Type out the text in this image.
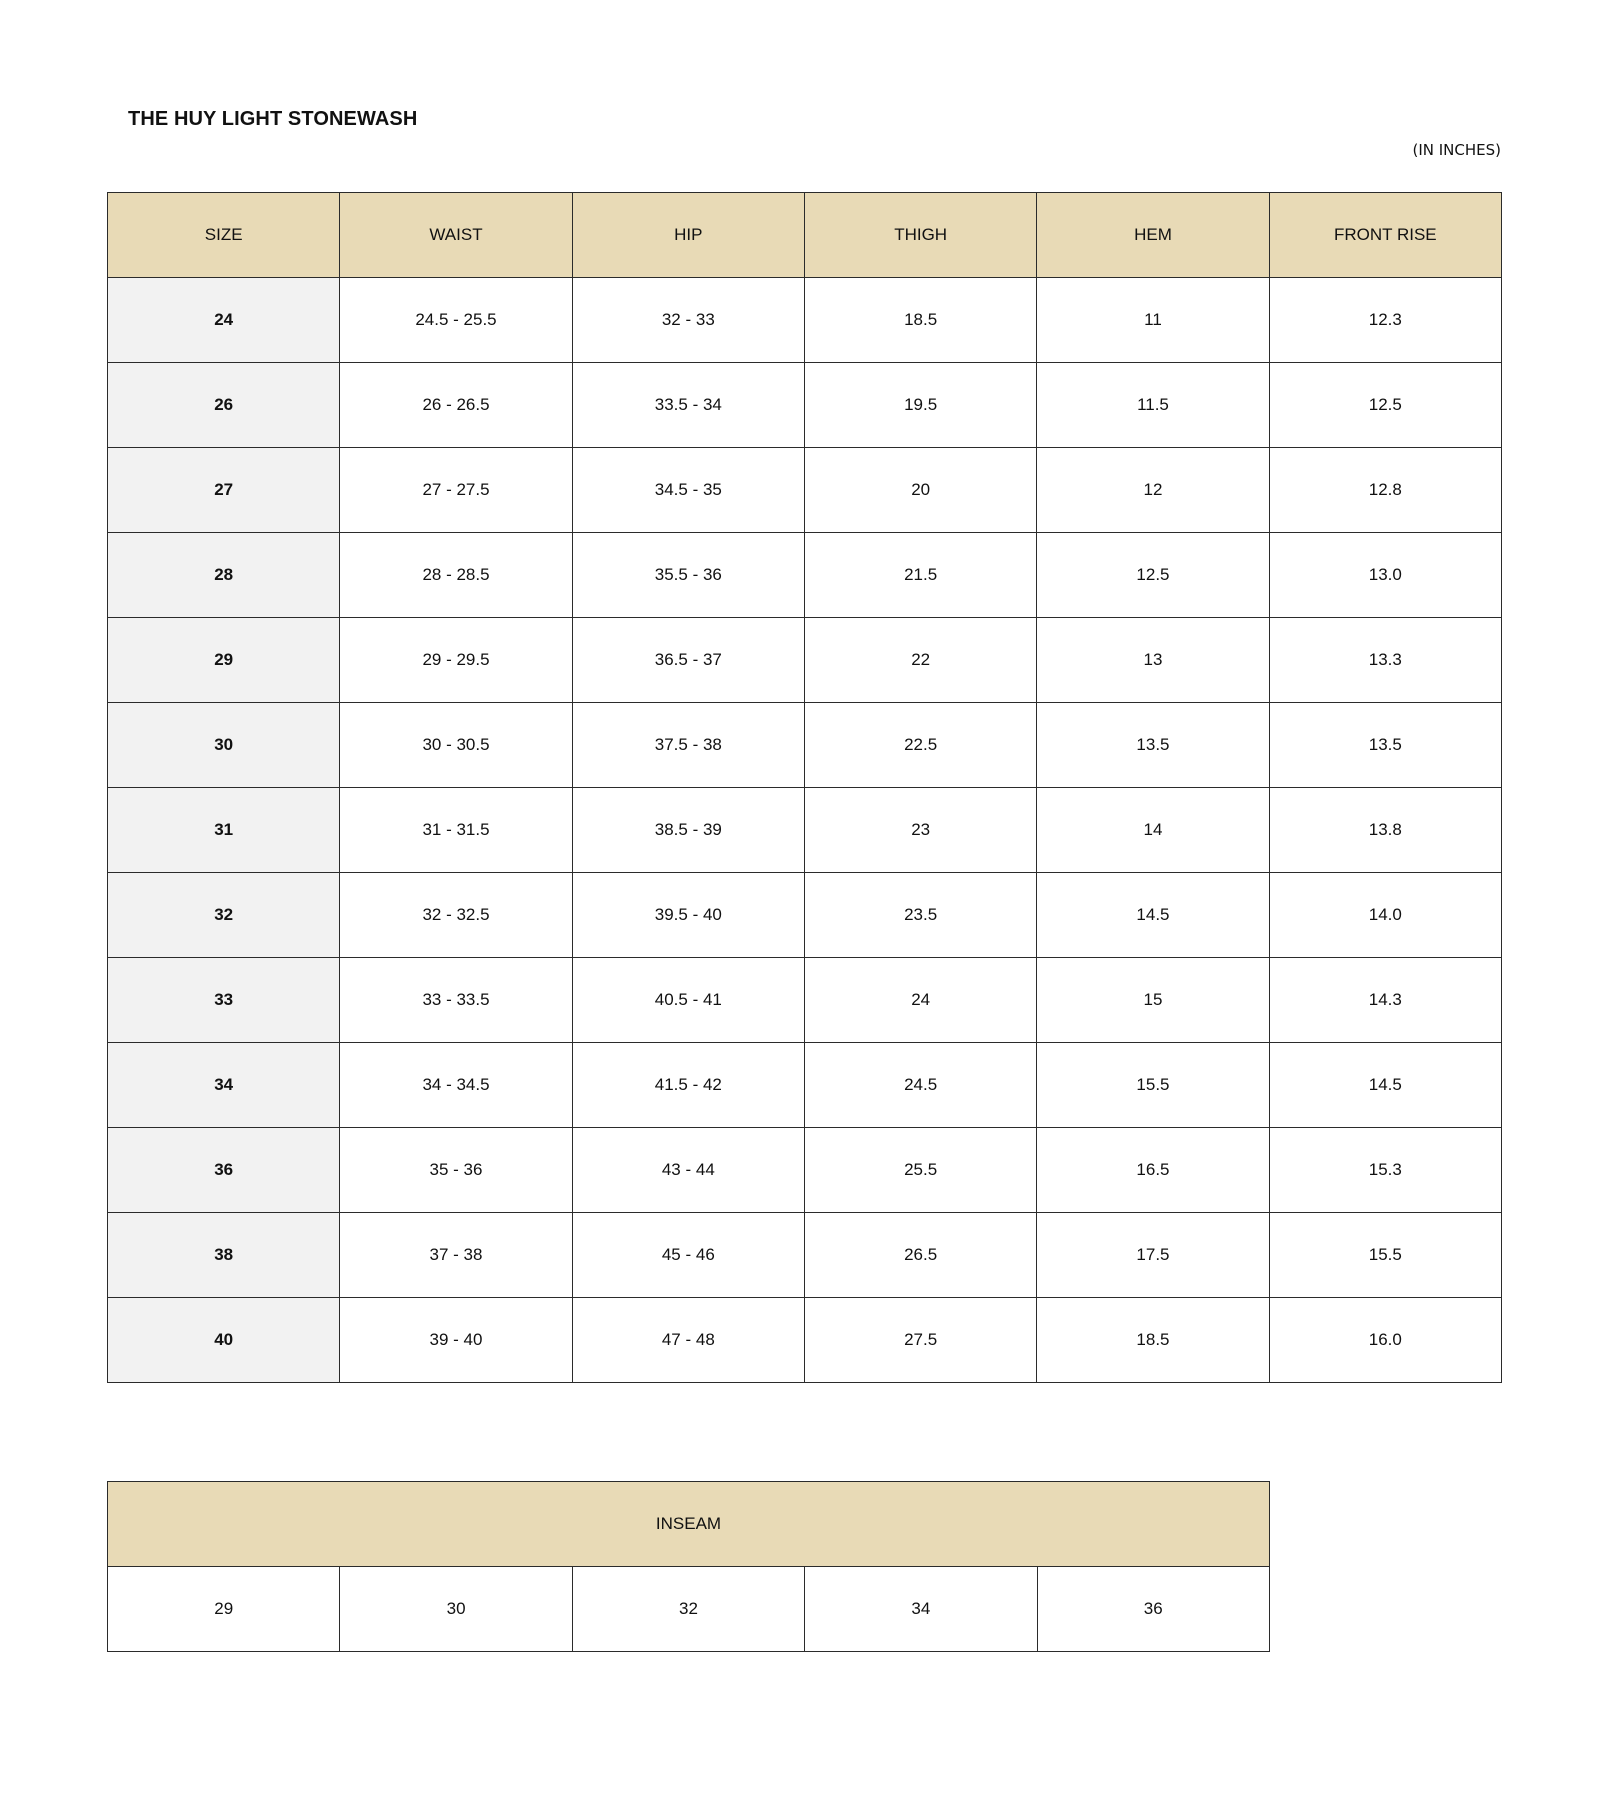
THE HUY LIGHT STONEWASH
(IN INCHES)
SIZE	WAIST	HIP	THIGH	HEM	FRONT RISE
24	24.5 - 25.5	32 - 33	18.5	11	12.3
26	26 - 26.5	33.5 - 34	19.5	11.5	12.5
27	27 - 27.5	34.5 - 35	20	12	12.8
28	28 - 28.5	35.5 - 36	21.5	12.5	13.0
29	29 - 29.5	36.5 - 37	22	13	13.3
30	30 - 30.5	37.5 - 38	22.5	13.5	13.5
31	31 - 31.5	38.5 - 39	23	14	13.8
32	32 - 32.5	39.5 - 40	23.5	14.5	14.0
33	33 - 33.5	40.5 - 41	24	15	14.3
34	34 - 34.5	41.5 - 42	24.5	15.5	14.5
36	35 - 36	43 - 44	25.5	16.5	15.3
38	37 - 38	45 - 46	26.5	17.5	15.5
40	39 - 40	47 - 48	27.5	18.5	16.0
INSEAM
29	30	32	34	36
